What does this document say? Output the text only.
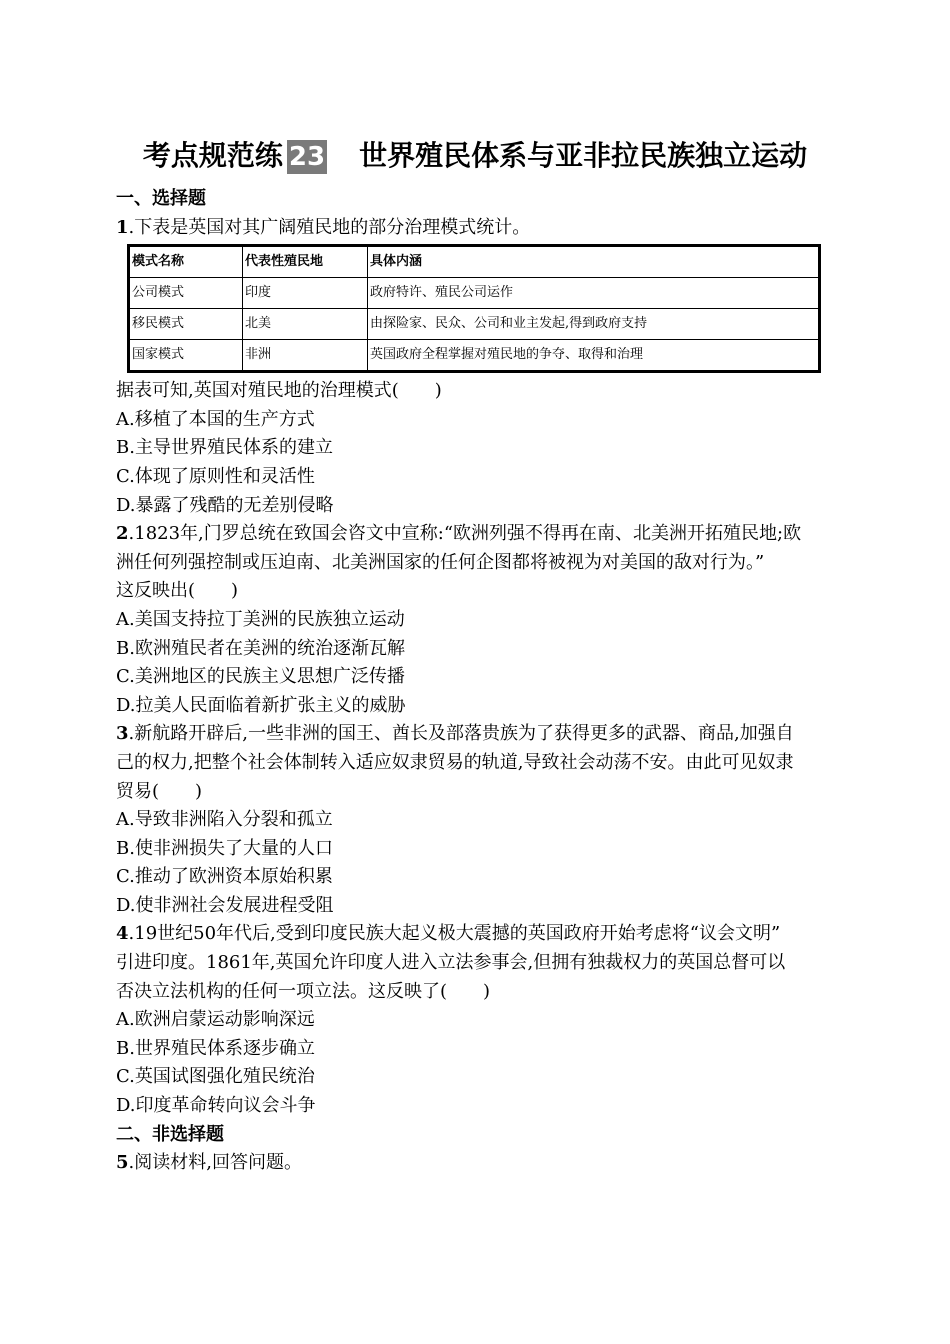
考点规范练 23 世界殖民体系与亚非拉民族独立运动
一、选择题
1.下表是英国对其广阔殖民地的部分治理模式统计。
模式名称	代表性殖民地	具体内涵
公司模式	印度	政府特许、殖民公司运作
移民模式	北美	由探险家、民众、公司和业主发起,得到政府支持
国家模式	非洲	英国政府全程掌握对殖民地的争夺、取得和治理
据表可知,英国对殖民地的治理模式(　　)
A.移植了本国的生产方式
B.主导世界殖民体系的建立
C.体现了原则性和灵活性
D.暴露了残酷的无差别侵略
2.1823年,门罗总统在致国会咨文中宣称:“欧洲列强不得再在南、北美洲开拓殖民地;欧
洲任何列强控制或压迫南、北美洲国家的任何企图都将被视为对美国的敌对行为。”
这反映出(　　)
A.美国支持拉丁美洲的民族独立运动
B.欧洲殖民者在美洲的统治逐渐瓦解
C.美洲地区的民族主义思想广泛传播
D.拉美人民面临着新扩张主义的威胁
3.新航路开辟后,一些非洲的国王、酋长及部落贵族为了获得更多的武器、商品,加强自
己的权力,把整个社会体制转入适应奴隶贸易的轨道,导致社会动荡不安。由此可见奴隶
贸易(　　)
A.导致非洲陷入分裂和孤立
B.使非洲损失了大量的人口
C.推动了欧洲资本原始积累
D.使非洲社会发展进程受阻
4.19世纪50年代后,受到印度民族大起义极大震撼的英国政府开始考虑将“议会文明”
引进印度。1861年,英国允许印度人进入立法参事会,但拥有独裁权力的英国总督可以
否决立法机构的任何一项立法。这反映了(　　)
A.欧洲启蒙运动影响深远
B.世界殖民体系逐步确立
C.英国试图强化殖民统治
D.印度革命转向议会斗争
二、非选择题
5.阅读材料,回答问题。
